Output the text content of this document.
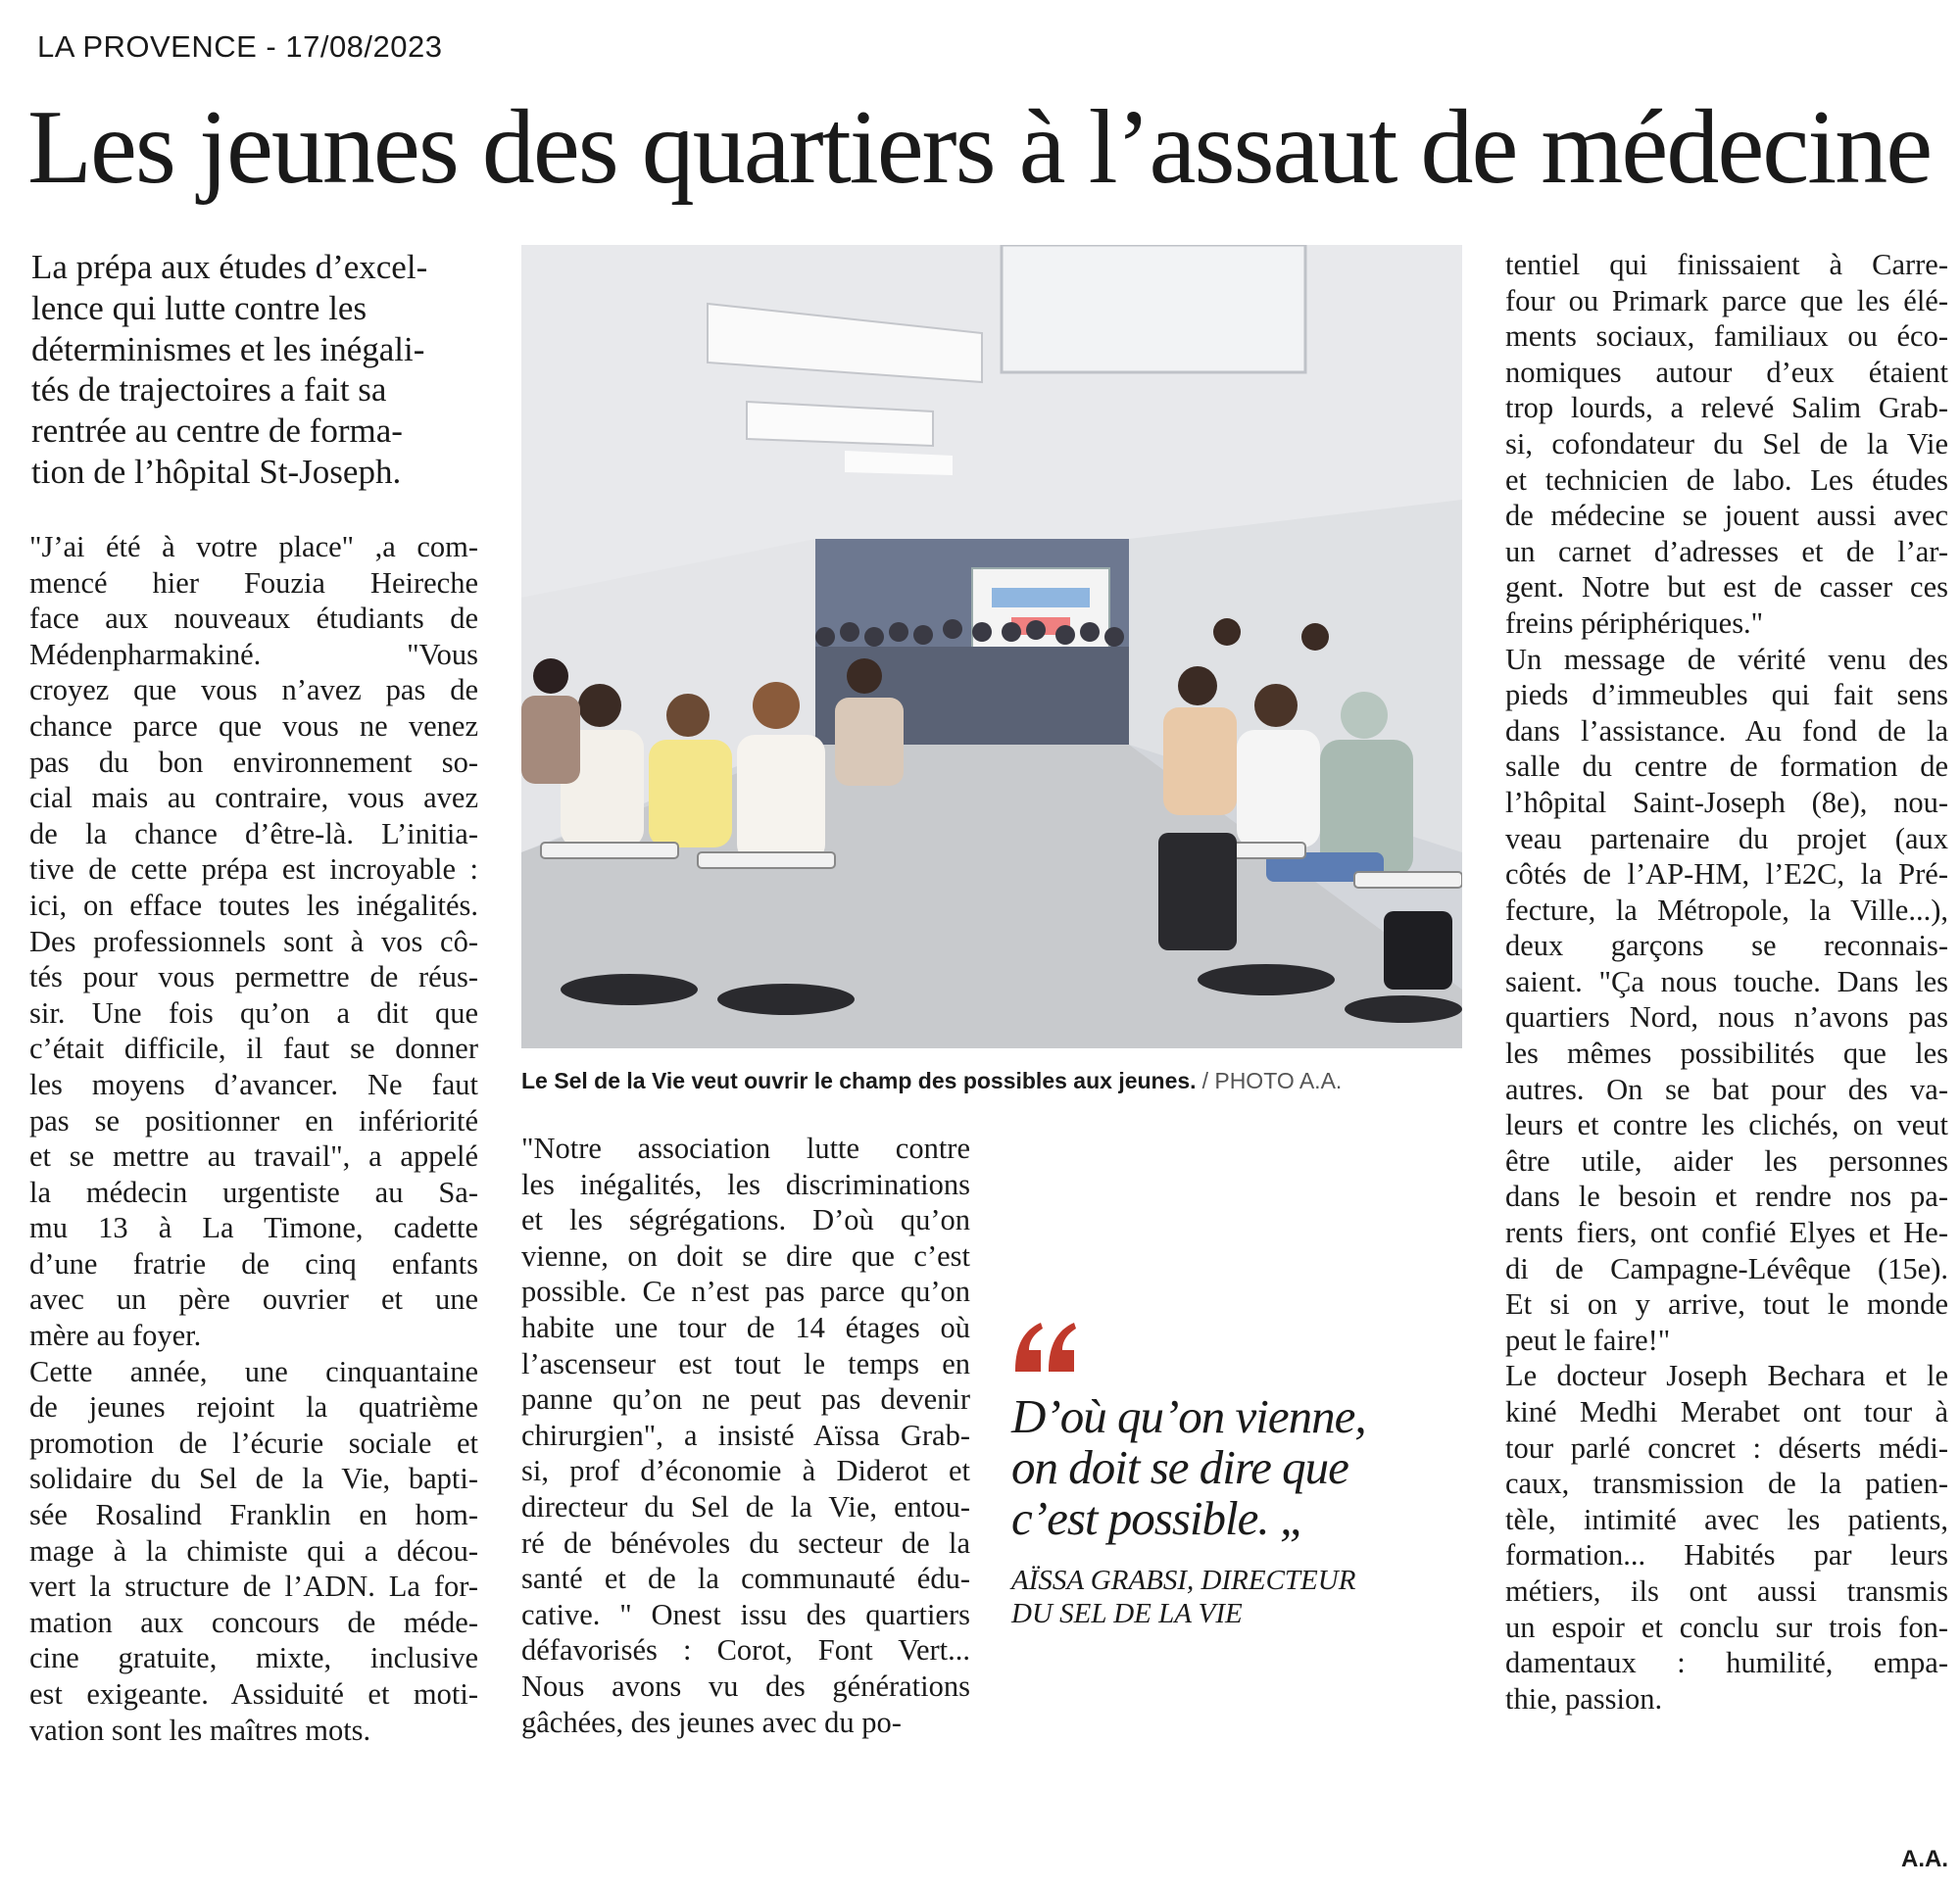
LA PROVENCE - 17/08/2023
Les jeunes des quartiers à l’assaut de médecine
La prépa aux études d’excel-
lence qui lutte contre les
déterminismes et les inégali-
tés de trajectoires a fait sa
rentrée au centre de forma-
tion de l’hôpital St-Joseph.
"J’ai été à votre place" ,a com-
mencé hier Fouzia Heireche
face aux nouveaux étudiants de
Médenpharmakiné. "Vous
croyez que vous n’avez pas de
chance parce que vous ne venez
pas du bon environnement so-
cial mais au contraire, vous avez
de la chance d’être-là. L’initia-
tive de cette prépa est incroyable :
ici, on efface toutes les inégalités.
Des professionnels sont à vos cô-
tés pour vous permettre de réus-
sir. Une fois qu’on a dit que
c’était difficile, il faut se donner
les moyens d’avancer. Ne faut
pas se positionner en infériorité
et se mettre au travail", a appelé
la médecin urgentiste au Sa-
mu 13 à La Timone, cadette
d’une fratrie de cinq enfants
avec un père ouvrier et une
mère au foyer.
Cette année, une cinquantaine
de jeunes rejoint la quatrième
promotion de l’écurie sociale et
solidaire du Sel de la Vie, bapti-
sée Rosalind Franklin en hom-
mage à la chimiste qui a décou-
vert la structure de l’ADN. La for-
mation aux concours de méde-
cine gratuite, mixte, inclusive
est exigeante. Assiduité et moti-
vation sont les maîtres mots.
Le Sel de la Vie veut ouvrir le champ des possibles aux jeunes. / PHOTO A.A.
"Notre association lutte contre
les inégalités, les discriminations
et les ségrégations. D’où qu’on
vienne, on doit se dire que c’est
possible. Ce n’est pas parce qu’on
habite une tour de 14 étages où
l’ascenseur est tout le temps en
panne qu’on ne peut pas devenir
chirurgien", a insisté Aïssa Grab-
si, prof d’économie à Diderot et
directeur du Sel de la Vie, entou-
ré de bénévoles du secteur de la
santé et de la communauté édu-
cative. " Onest issu des quartiers
défavorisés : Corot, Font Vert...
Nous avons vu des générations
gâchées, des jeunes avec du po-
D’où qu’on vienne,
on doit se dire que
c’est possible. „
AÏSSA GRABSI, DIRECTEUR
DU SEL DE LA VIE
tentiel qui finissaient à Carre-
four ou Primark parce que les élé-
ments sociaux, familiaux ou éco-
nomiques autour d’eux étaient
trop lourds, a relevé Salim Grab-
si, cofondateur du Sel de la Vie
et technicien de labo. Les études
de médecine se jouent aussi avec
un carnet d’adresses et de l’ar-
gent. Notre but est de casser ces
freins périphériques."
Un message de vérité venu des
pieds d’immeubles qui fait sens
dans l’assistance. Au fond de la
salle du centre de formation de
l’hôpital Saint-Joseph (8e), nou-
veau partenaire du projet (aux
côtés de l’AP-HM, l’E2C, la Pré-
fecture, la Métropole, la Ville...),
deux garçons se reconnais-
saient. "Ça nous touche. Dans les
quartiers Nord, nous n’avons pas
les mêmes possibilités que les
autres. On se bat pour des va-
leurs et contre les clichés, on veut
être utile, aider les personnes
dans le besoin et rendre nos pa-
rents fiers, ont confié Elyes et He-
di de Campagne-Lévêque (15e).
Et si on y arrive, tout le monde
peut le faire!"
Le docteur Joseph Bechara et le
kiné Medhi Merabet ont tour à
tour parlé concret : déserts médi-
caux, transmission de la patien-
tèle, intimité avec les patients,
formation... Habités par leurs
métiers, ils ont aussi transmis
un espoir et conclu sur trois fon-
damentaux : humilité, empa-
thie, passion.
A.A.
